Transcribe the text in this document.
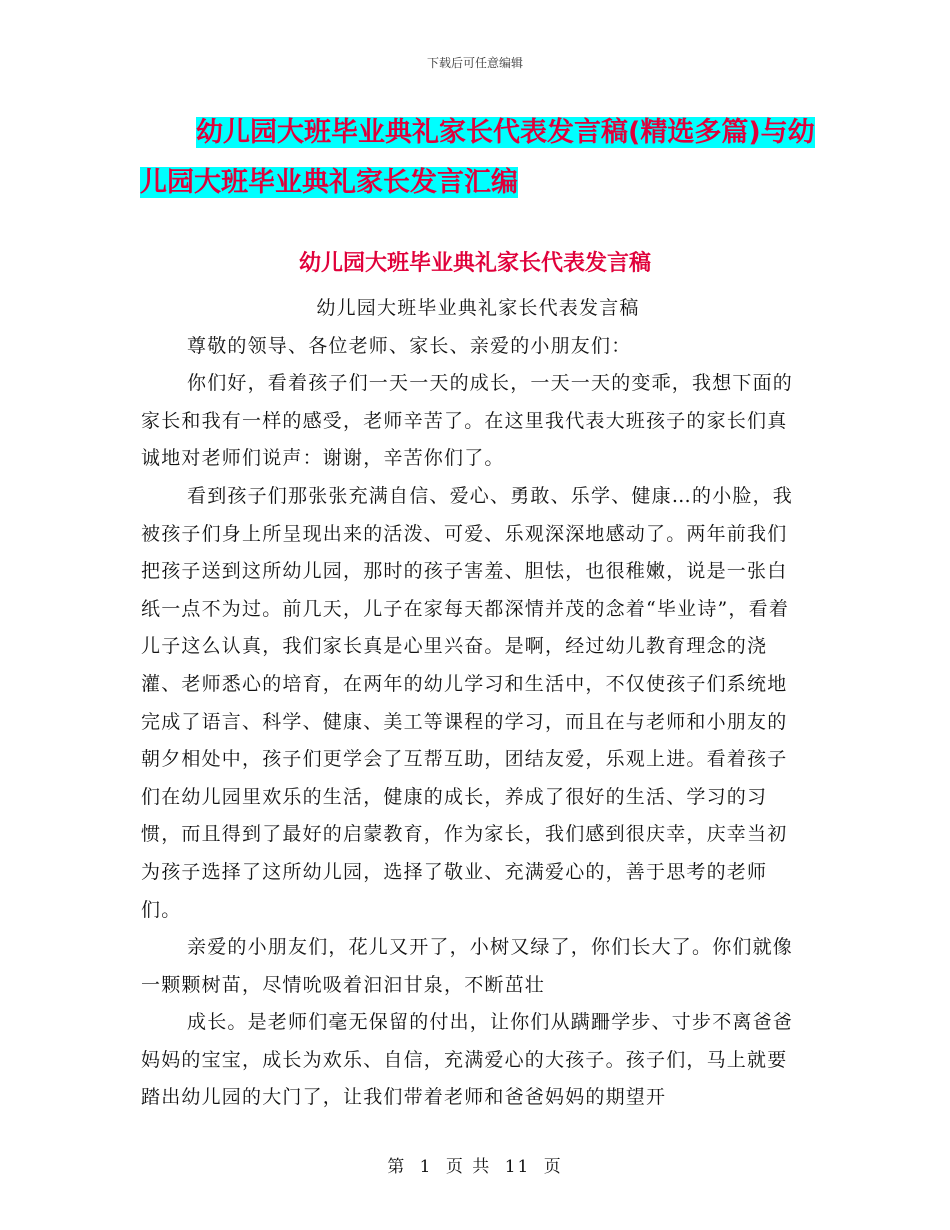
下载后可任意编辑
幼儿园大班毕业典礼家长代表发言稿(精选多篇)与幼
儿园大班毕业典礼家长发言汇编
幼儿园大班毕业典礼家长代表发言稿

幼儿园大班毕业典礼家长代表发言稿

尊敬的领导、各位老师、家长、亲爱的小朋友们：

你们好，看着孩子们一天一天的成长，一天一天的变乖，我想下面的家长和我有一样的感受，老师辛苦了。在这里我代表大班孩子的家长们真诚地对老师们说声：谢谢，辛苦你们了。

看到孩子们那张张充满自信、爱心、勇敢、乐学、健康…的小脸，我被孩子们身上所呈现出来的活泼、可爱、乐观深深地感动了。两年前我们把孩子送到这所幼儿园，那时的孩子害羞、胆怯，也很稚嫩，说是一张白纸一点不为过。前几天，儿子在家每天都深情并茂的念着“毕业诗”，看着儿子这么认真，我们家长真是心里兴奋。是啊，经过幼儿教育理念的浇灌、老师悉心的培育，在两年的幼儿学习和生活中，不仅使孩子们系统地完成了语言、科学、健康、美工等课程的学习，而且在与老师和小朋友的朝夕相处中，孩子们更学会了互帮互助，团结友爱，乐观上进。看着孩子们在幼儿园里欢乐的生活，健康的成长，养成了很好的生活、学习的习惯，而且得到了最好的启蒙教育，作为家长，我们感到很庆幸，庆幸当初为孩子选择了这所幼儿园，选择了敬业、充满爱心的，善于思考的老师们。

亲爱的小朋友们，花儿又开了，小树又绿了，你们长大了。你们就像一颗颗树苗，尽情吮吸着汩汩甘泉，不断茁壮

成长。是老师们毫无保留的付出，让你们从蹒跚学步、寸步不离爸爸妈妈的宝宝，成长为欢乐、自信，充满爱心的大孩子。孩子们，马上就要踏出幼儿园的大门了，让我们带着老师和爸爸妈妈的期望开

第 1 页 共 11 页
